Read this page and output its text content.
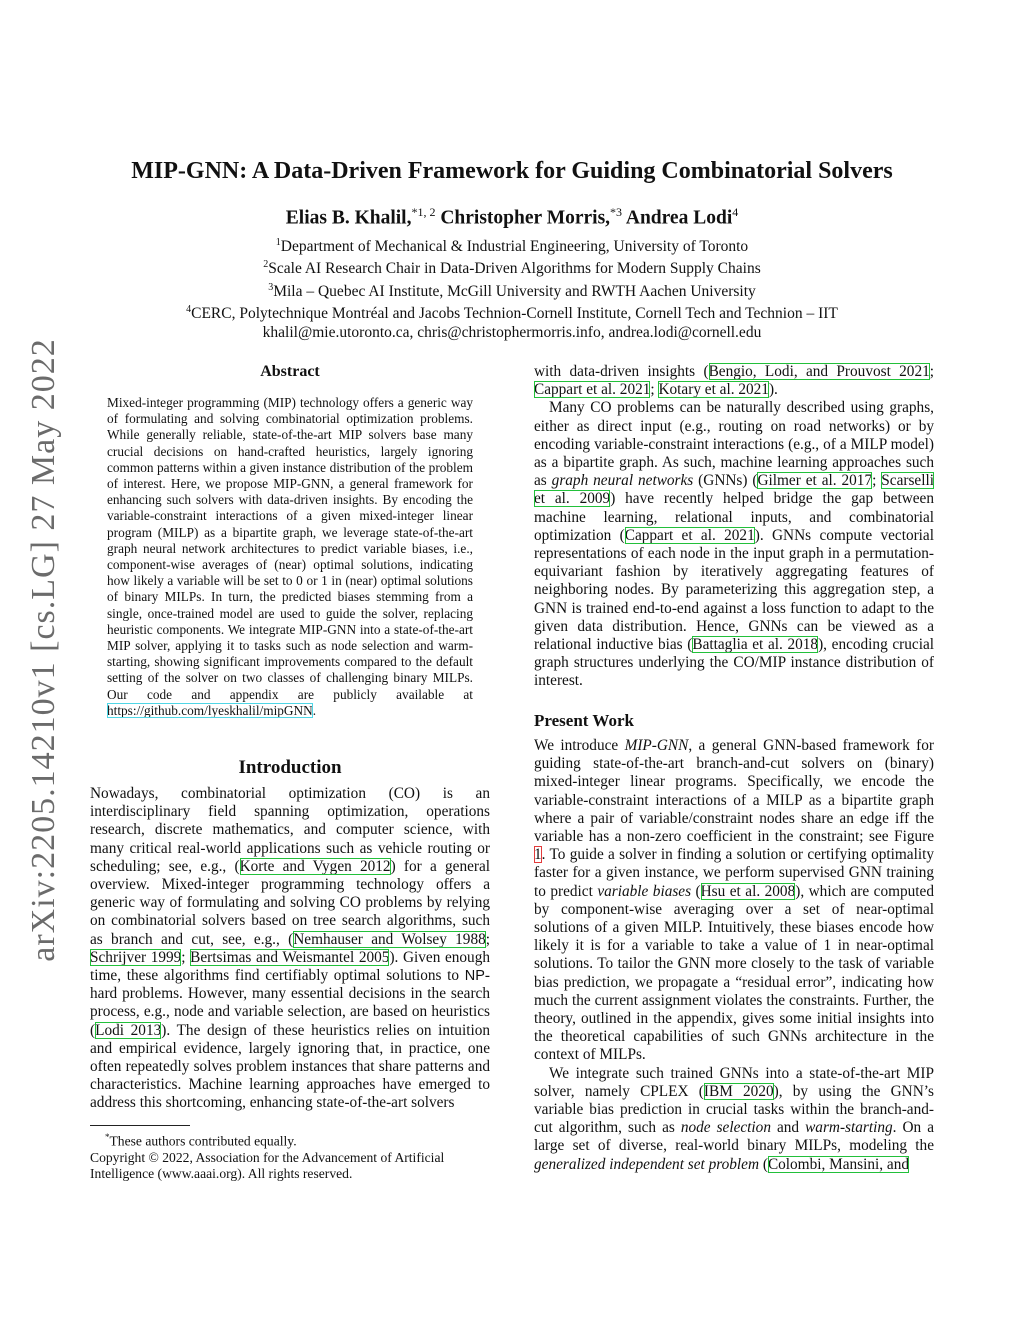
arXiv:2205.14210v1 [cs.LG] 27 May 2022
MIP-GNN: A Data-Driven Framework for Guiding Combinatorial Solvers
Elias B. Khalil,$^{*1, 2}$ Christopher Morris,$^{*3}$ Andrea Lodi$^4$
$^1$Department of Mechanical & Industrial Engineering, University of Toronto
$^2$Scale AI Research Chair in Data-Driven Algorithms for Modern Supply Chains
$^3$Mila – Quebec AI Institute, McGill University and RWTH Aachen University
$^4$CERC, Polytechnique Montréal and Jacobs Technion-Cornell Institute, Cornell Tech and Technion – IIT
khalil@mie.utoronto.ca, chris@christophermorris.info, andrea.lodi@cornell.edu
Abstract
Mixed-integer programming (MIP) technology offers a generic way of formulating and solving combinatorial optimization problems. While generally reliable, state-of-the-art MIP solvers base many crucial decisions on hand-crafted heuristics, largely ignoring common patterns within a given instance distribution of the problem of interest. Here, we propose MIP-GNN, a general framework for enhancing such solvers with data-driven insights. By encoding the variable-constraint interactions of a given mixed-integer linear program (MILP) as a bipartite graph, we leverage state-of-the-art graph neural network architectures to predict variable biases, i.e., component-wise averages of (near) optimal solutions, indicating how likely a variable will be set to 0 or 1 in (near) optimal solutions of binary MILPs. In turn, the predicted biases stemming from a single, once-trained model are used to guide the solver, replacing heuristic components. We integrate MIP-GNN into a state-of-the-art MIP solver, applying it to tasks such as node selection and warm-starting, showing significant improvements compared to the default setting of the solver on two classes of challenging binary MILPs. Our code and appendix are publicly available at https://github.com/lyeskhalil/mipGNN.
Introduction

Nowadays, combinatorial optimization (CO) is an interdisciplinary field spanning optimization, operations research, discrete mathematics, and computer science, with many critical real-world applications such as vehicle routing or scheduling; see, e.g., (Korte and Vygen 2012) for a general overview. Mixed-integer programming technology offers a generic way of formulating and solving CO problems by relying on combinatorial solvers based on tree search algorithms, such as branch and cut, see, e.g., (Nemhauser and Wolsey 1988; Schrijver 1999; Bertsimas and Weismantel 2005). Given enough time, these algorithms find certifiably optimal solutions to NP-hard problems. However, many essential decisions in the search process, e.g., node and variable selection, are based on heuristics (Lodi 2013). The design of these heuristics relies on intuition and empirical evidence, largely ignoring that, in practice, one often repeatedly solves problem instances that share patterns and characteristics. Machine learning approaches have emerged to address this shortcoming, enhancing state-of-the-art solvers

*These authors contributed equally.
Copyright © 2022, Association for the Advancement of Artificial Intelligence (www.aaai.org). All rights reserved.

with data-driven insights (Bengio, Lodi, and Prouvost 2021; Cappart et al. 2021; Kotary et al. 2021).

Many CO problems can be naturally described using graphs, either as direct input (e.g., routing on road networks) or by encoding variable-constraint interactions (e.g., of a MILP model) as a bipartite graph. As such, machine learning approaches such as graph neural networks (GNNs) (Gilmer et al. 2017; Scarselli et al. 2009) have recently helped bridge the gap between machine learning, relational inputs, and combinatorial optimization (Cappart et al. 2021). GNNs compute vectorial representations of each node in the input graph in a permutation-equivariant fashion by iteratively aggregating features of neighboring nodes. By parameterizing this aggregation step, a GNN is trained end-to-end against a loss function to adapt to the given data distribution. Hence, GNNs can be viewed as a relational inductive bias (Battaglia et al. 2018), encoding crucial graph structures underlying the CO/MIP instance distribution of interest.

Present Work

We introduce MIP-GNN, a general GNN-based framework for guiding state-of-the-art branch-and-cut solvers on (binary) mixed-integer linear programs. Specifically, we encode the variable-constraint interactions of a MILP as a bipartite graph where a pair of variable/constraint nodes share an edge iff the variable has a non-zero coefficient in the constraint; see Figure 1. To guide a solver in finding a solution or certifying optimality faster for a given instance, we perform supervised GNN training to predict variable biases (Hsu et al. 2008), which are computed by component-wise averaging over a set of near-optimal solutions of a given MILP. Intuitively, these biases encode how likely it is for a variable to take a value of 1 in near-optimal solutions. To tailor the GNN more closely to the task of variable bias prediction, we propagate a “residual error”, indicating how much the current assignment violates the constraints. Further, the theory, outlined in the appendix, gives some initial insights into the theoretical capabilities of such GNNs architecture in the context of MILPs.

We integrate such trained GNNs into a state-of-the-art MIP solver, namely CPLEX (IBM 2020), by using the GNN’s variable bias prediction in crucial tasks within the branch-and-cut algorithm, such as node selection and warm-starting. On a large set of diverse, real-world binary MILPs, modeling the generalized independent set problem (Colombi, Mansini, and
